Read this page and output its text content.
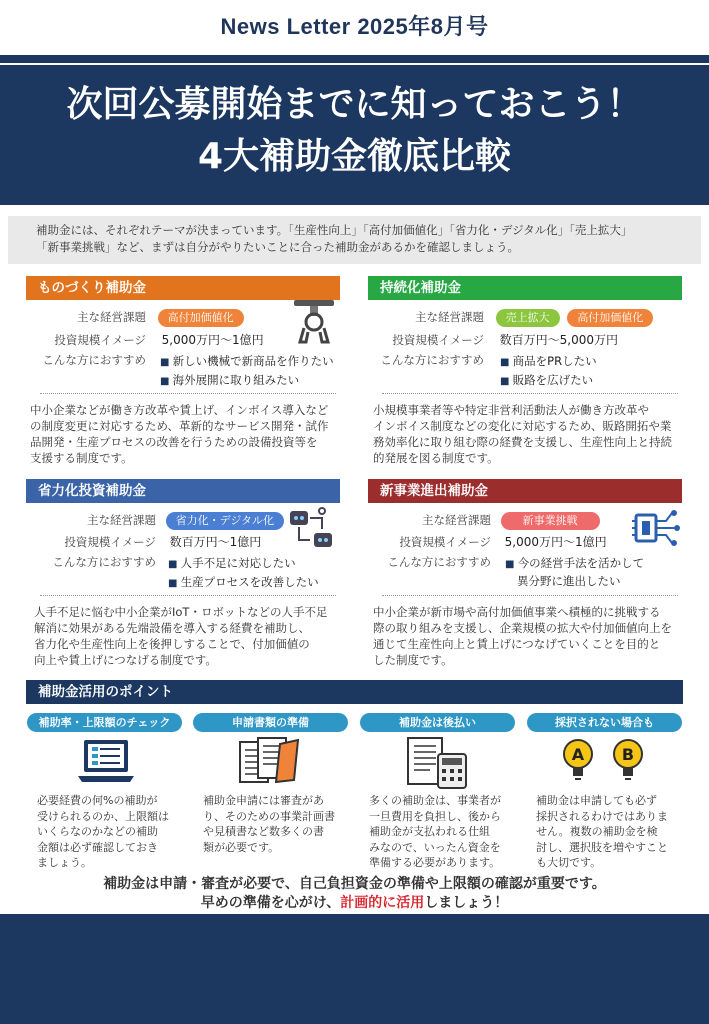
News Letter 2025年8月号
次回公募開始までに知っておこう！
4大補助金徹底比較
補助金には、それぞれテーマが決まっています。「生産性向上」「高付加価値化」「省力化・デジタル化」「売上拡大」
「新事業挑戦」など、まずは自分がやりたいことに合った補助金があるかを確認しましょう。
ものづくり補助金
主な経営課題 高付加価値化
投資規模イメージ 5,000万円～1億円
こんな方におすすめ	■ 新しい機械で新商品を作りたい
■ 海外展開に取り組みたい
中小企業などが働き方改革や賃上げ、インボイス導入など
の制度変更に対応するため、革新的なサービス開発・試作
品開発・生産プロセスの改善を行うための設備投資等を
支援する制度です。
持続化補助金
主な経営課題 売上拡大	高付加価値化
投資規模イメージ 数百万円～5,000万円
こんな方におすすめ	■ 商品をPRしたい
■ 販路を広げたい
小規模事業者等や特定非営利活動法人が働き方改革や
インボイス制度などの変化に対応するため、販路開拓や業
務効率化に取り組む際の経費を支援し、生産性向上と持続
的発展を図る制度です。
省力化投資補助金
主な経営課題 省力化・デジタル化
投資規模イメージ 数百万円～1億円
こんな方におすすめ	■ 人手不足に対応したい
■ 生産プロセスを改善したい
人手不足に悩む中小企業がIoT・ロボットなどの人手不足
解消に効果がある先端設備を導入する経費を補助し、
省力化や生産性向上を後押しすることで、付加価値の
向上や賃上げにつなげる制度です。
新事業進出補助金
主な経営課題	新事業挑戦
投資規模イメージ 5,000万円～1億円
こんな方におすすめ	■ 今の経営手法を活かして
異分野に進出したい
中小企業が新市場や高付加価値事業へ積極的に挑戦する
際の取り組みを支援し、企業規模の拡大や付加価値向上を
通じて生産性向上と賃上げにつなげていくことを目的と
した制度です。
補助金活用のポイント
補助率・上限額のチェック	申請書類の準備	補助金は後払い	採択されない場合も
A B
必要経費の何%の補助が
受けられるのか、上限額は
いくらなのかなどの補助
金額は必ず確認しておき
ましょう。
補助金申請には審査があ
り、そのための事業計画書
や見積書など数多くの書
類が必要です。
多くの補助金は、事業者が
一旦費用を負担し、後から
補助金が支払われる仕組
みなので、いったん資金を
準備する必要があります。
補助金は申請しても必ず
採択されるわけではありま
せん。複数の補助金を検
討し、選択肢を増やすこと
も大切です。
補助金は申請・審査が必要で、自己負担資金の準備や上限額の確認が重要です。
早めの準備を心がけ、計画的に活用しましょう！
